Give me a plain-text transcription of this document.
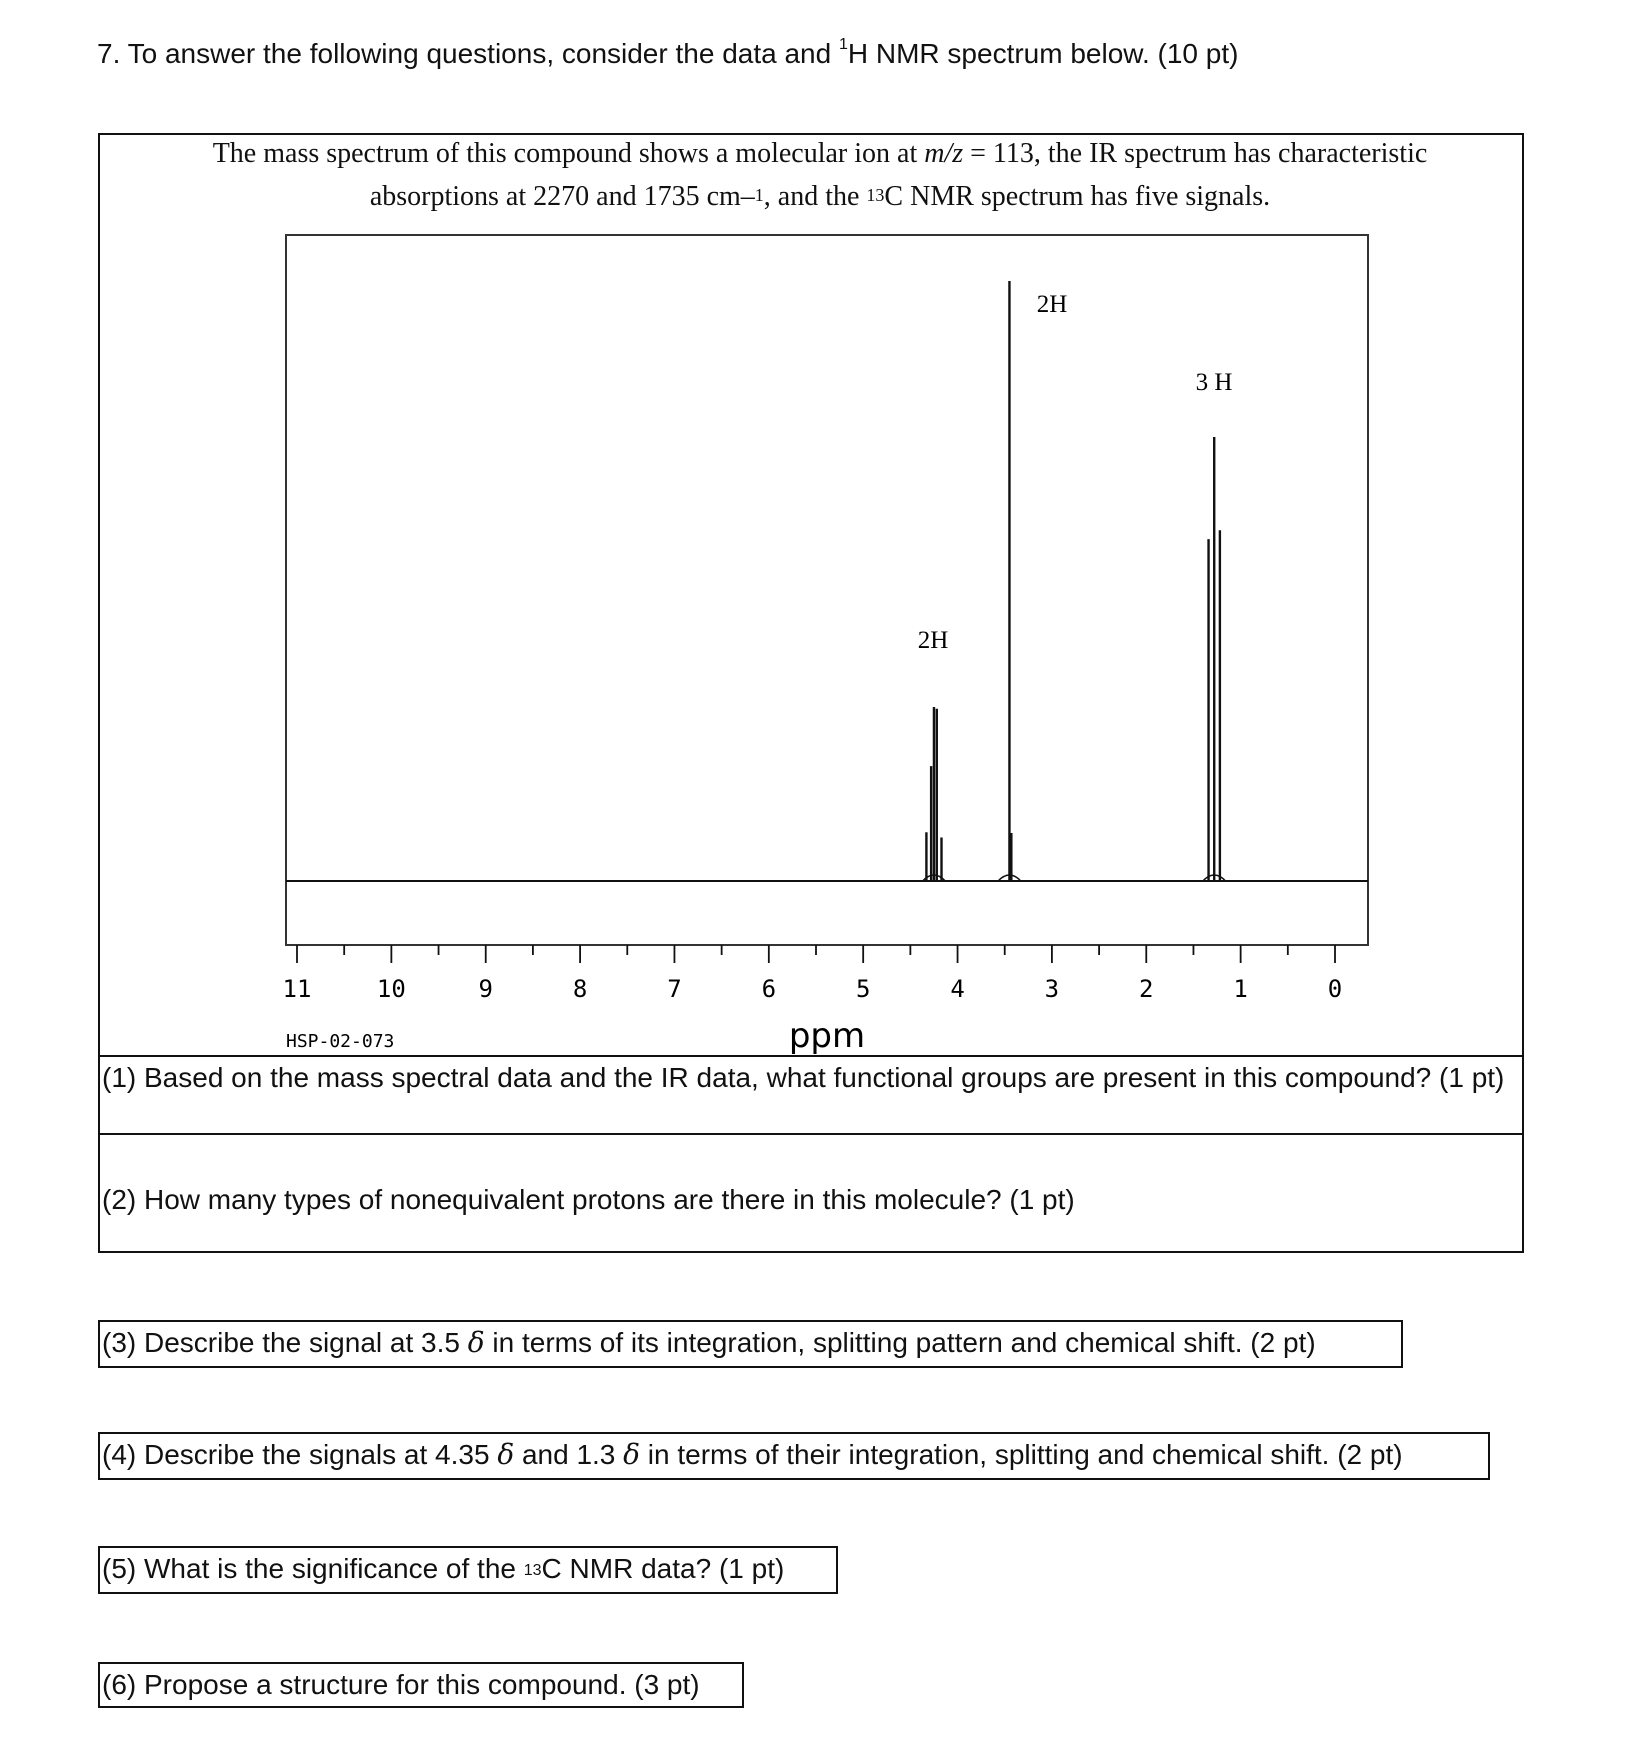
7. To answer the following questions, consider the data and $^1$H NMR spectrum below. (10 pt)
The mass spectrum of this compound shows a molecular ion at m/z = 113, the IR spectrum has characteristic
absorptions at 2270 and 1735 cm–$^1$, and the $^{13}$C NMR spectrum has five signals.
11	10	9	8	7	6	5	4	3	2	1	0
2H
2H
3 H
HSP-02-073	ppm
(1) Based on the mass spectral data and the IR data, what functional groups are present in this compound? (1 pt)
(2) How many types of nonequivalent protons are there in this molecule? (1 pt)
(3) Describe the signal at 3.5 δ in terms of its integration, splitting pattern and chemical shift. (2 pt)
(4) Describe the signals at 4.35 δ and 1.3 δ in terms of their integration, splitting and chemical shift. (2 pt)
(5) What is the significance of the $^{13}$C NMR data? (1 pt)
(6) Propose a structure for this compound. (3 pt)
